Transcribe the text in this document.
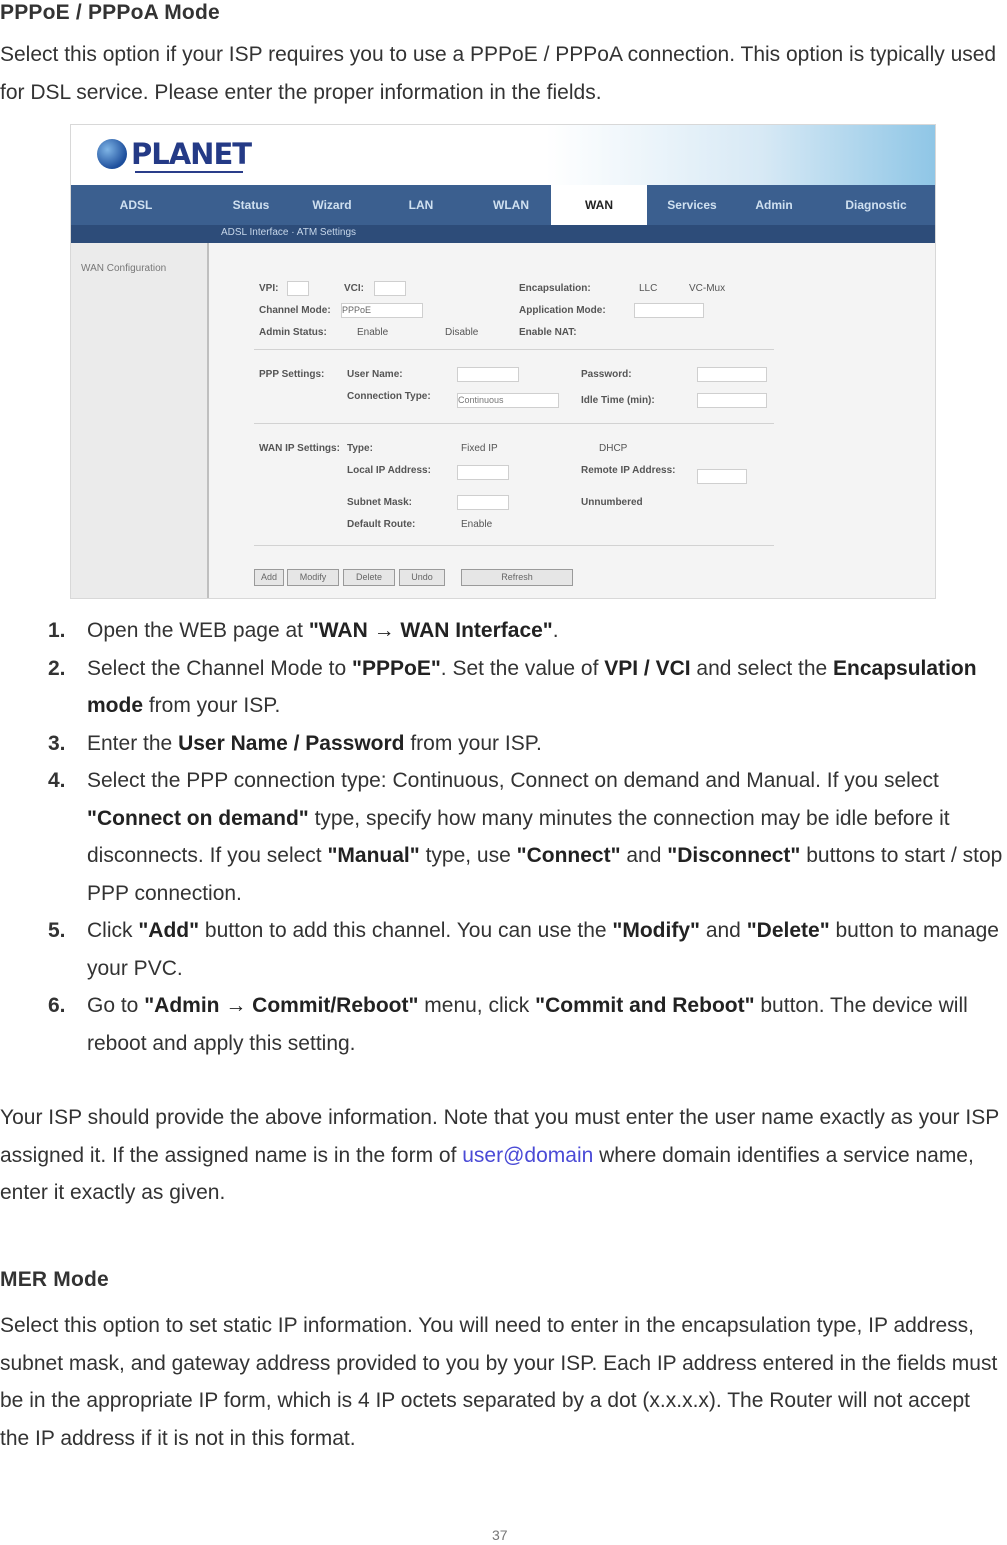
PPPoE / PPPoA Mode
Select this option if your ISP requires you to use a PPPoE / PPPoA connection. This option is typically used for DSL service. Please enter the proper information in the fields.
PLANET
ADSL	Status	Wizard	LAN	WLAN	WAN	Services	Admin	Diagnostic
ADSL Interface · ATM Settings
WAN Configuration
VPI:	VCI:	Encapsulation:	LLC	VC-Mux
Channel Mode: PPPoE	Application Mode:
Admin Status:	Enable	Disable	Enable NAT:
PPP Settings: User Name:	Password:
Connection Type:	Continuous	Idle Time (min):
WAN IP Settings: Type:	Fixed IP	DHCP
Local IP Address:	Remote IP Address:
Subnet Mask:	Unnumbered
Default Route:	Enable
Add	Modify	Delete	Undo	Refresh
1. Open the WEB page at "WAN → WAN Interface".
2. Select the Channel Mode to "PPPoE". Set the value of VPI / VCI and select the Encapsulation mode from your ISP.
3. Enter the User Name / Password from your ISP.
4. Select the PPP connection type: Continuous, Connect on demand and Manual. If you select "Connect on demand" type, specify how many minutes the connection may be idle before it disconnects. If you select "Manual" type, use "Connect" and "Disconnect" buttons to start / stop PPP connection.
5. Click "Add" button to add this channel. You can use the "Modify" and "Delete" button to manage your PVC.
6. Go to "Admin → Commit/Reboot" menu, click "Commit and Reboot" button. The device will reboot and apply this setting.
Your ISP should provide the above information. Note that you must enter the user name exactly as your ISP assigned it. If the assigned name is in the form of user@domain where domain identifies a service name, enter it exactly as given.
MER Mode
Select this option to set static IP information. You will need to enter in the encapsulation type, IP address, subnet mask, and gateway address provided to you by your ISP. Each IP address entered in the fields must be in the appropriate IP form, which is 4 IP octets separated by a dot (x.x.x.x). The Router will not accept the IP address if it is not in this format.
37
